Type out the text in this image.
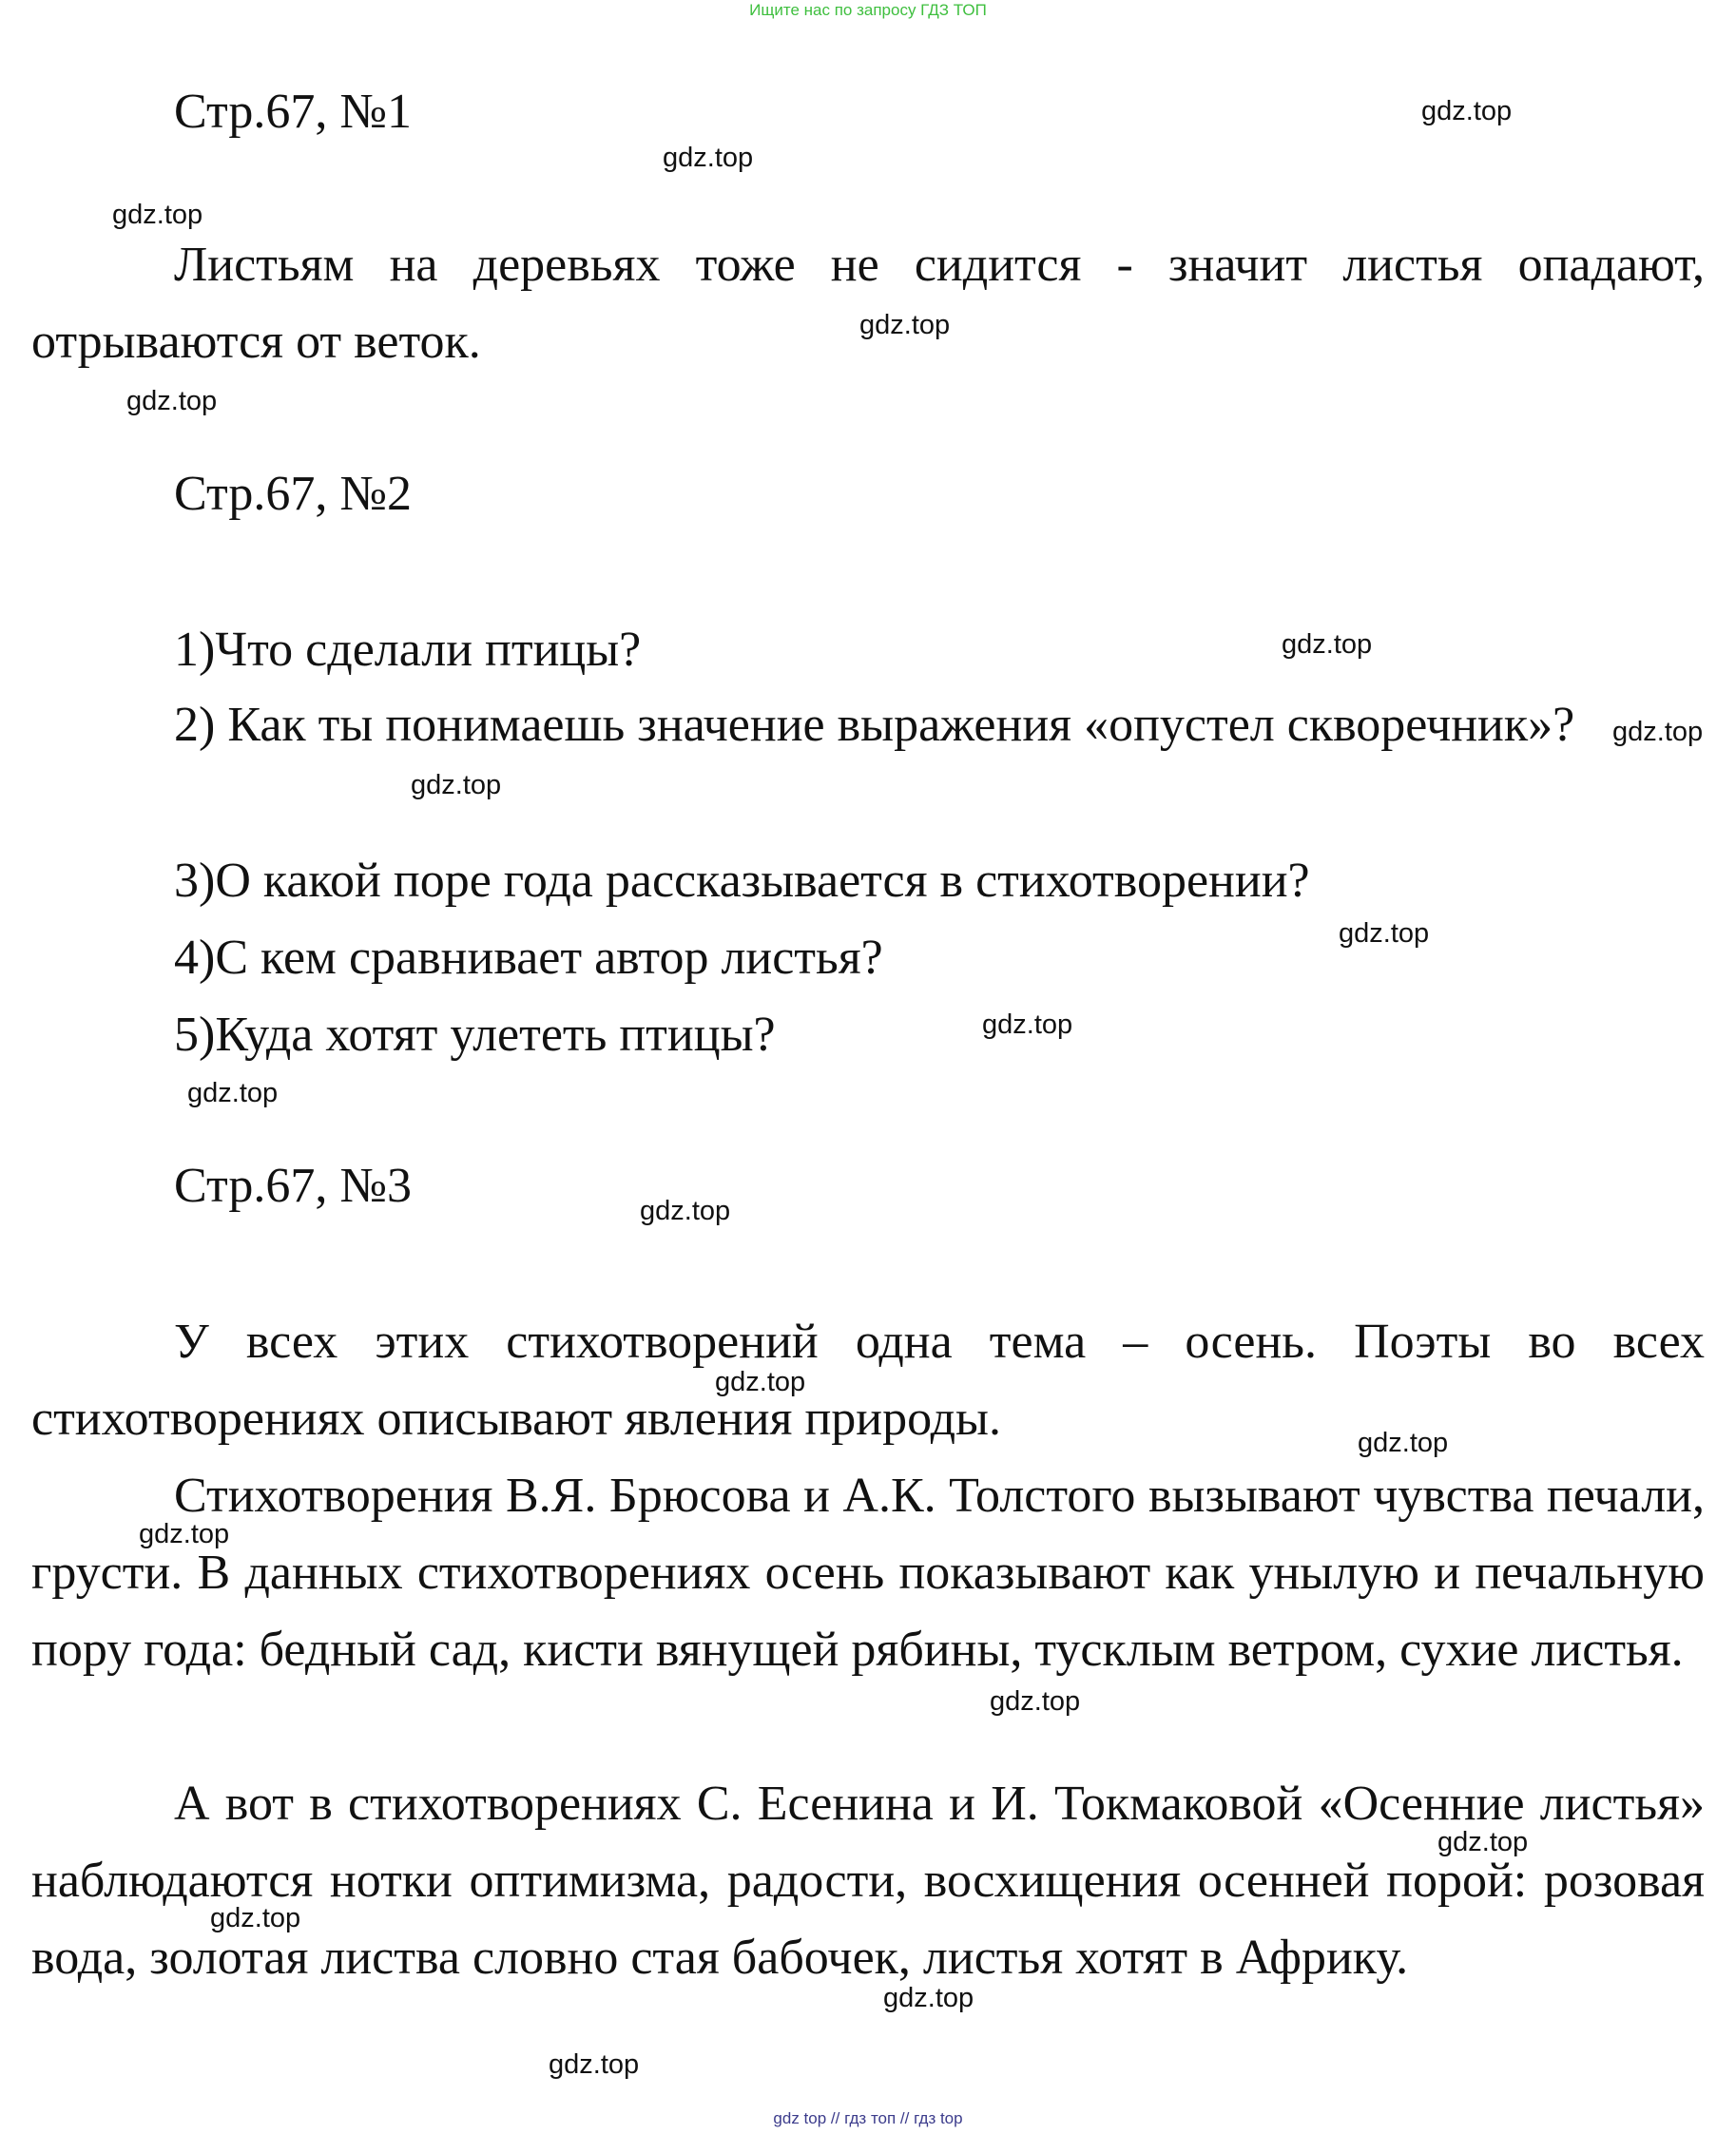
Ищите нас по запросу ГДЗ ТОП
Стр.67, №1

Листьям на деревьях тоже не сидится - значит листья опадают, отрываются от веток.

Стр.67, №2
1)Что сделали птицы?

2) Как ты понимаешь значение выражения «опустел скворечник»?

3)О какой поре года рассказывается в стихотворении?
4)С кем сравнивает автор листья?
5)Куда хотят улететь птицы?
Стр.67, №3

У всех этих стихотворений одна тема – осень. Поэты во всех стихотворениях описывают явления природы.

Стихотворения В.Я. Брюсова и А.К. Толстого вызывают чувства печали, грусти. В данных стихотворениях осень показывают как унылую и печальную пору года: бедный сад, кисти вянущей рябины, тусклым ветром, сухие листья.

А вот в стихотворениях С. Есенина и И. Токмаковой «Осенние листья» наблюдаются нотки оптимизма, радости, восхищения осенней порой: розовая вода, золотая листва словно стая бабочек, листья хотят в Африку.

gdz.top
gdz.top
gdz.top
gdz.top
gdz.top
gdz.top
gdz.top
gdz.top
gdz.top
gdz.top
gdz.top
gdz.top
gdz.top
gdz.top
gdz.top
gdz.top
gdz.top
gdz.top
gdz.top
gdz.top
gdz top // гдз топ // гдз top
